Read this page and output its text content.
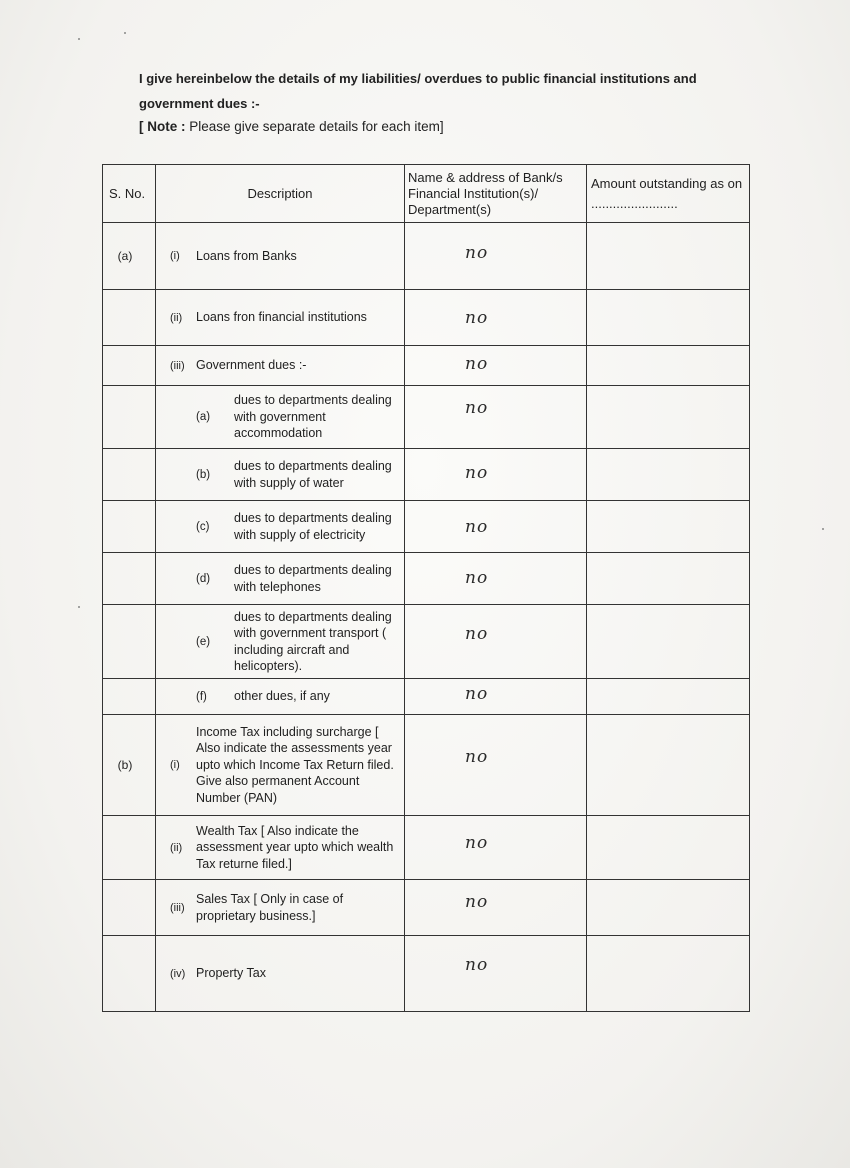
I give hereinbelow the details of my liabilities/ overdues to public financial institutions and
government dues :-
[ Note : Please give separate details for each item]
S. No.	Description	Name & address of Bank/s Financial Institution(s)/ Department(s)	Amount outstanding as on ........................
(a)	(i) Loans from Banks	no	

	(ii) Loans fron financial institutions	no	

	(iii) Government dues :-	no	

	(a)
dues to departments dealing with government accommodation	no	

	(b)
dues to departments dealing with supply of water	no	

	(c)
dues to departments dealing with supply of electricity	no	

	(d)
dues to departments dealing with telephones	no	

	(e)
dues to departments dealing with government transport ( including aircraft and helicopters).	no	

	(f) other dues, if any	no	

(b)	(i)
Income Tax including surcharge [ Also indicate the assessments year upto which Income Tax Return filed. Give also permanent Account Number (PAN)	no	

	(ii)
Wealth Tax [ Also indicate the assessment year upto which wealth Tax returne filed.]	no	

	(iii)
Sales Tax [ Only in case of proprietary business.]	no	

	(iv) Property Tax	no	
